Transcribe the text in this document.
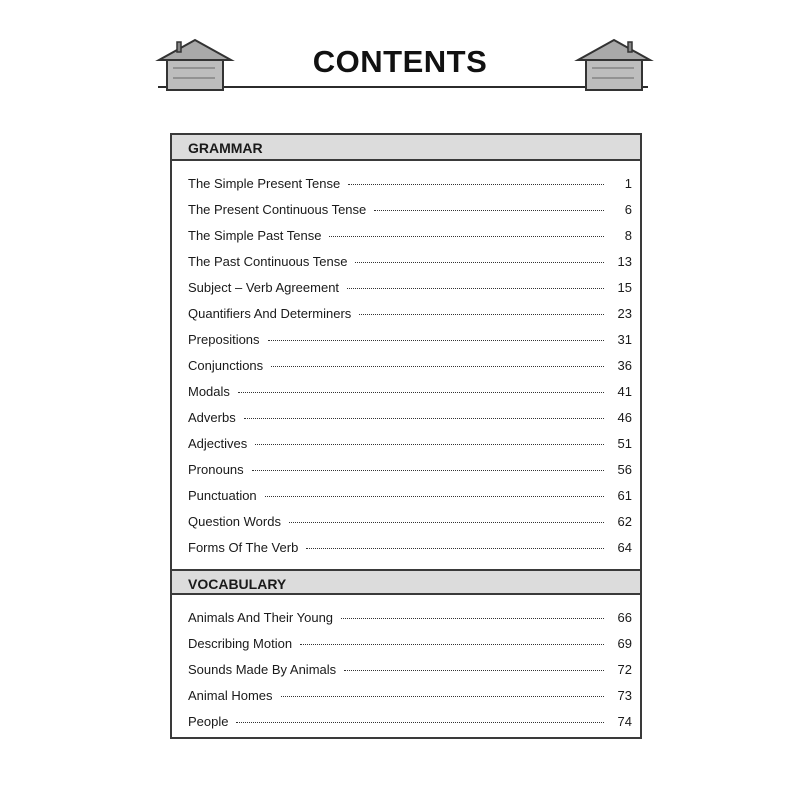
CONTENTS
GRAMMAR
The Simple Present Tense	1
The Present Continuous Tense	6
The Simple Past Tense	8
The Past Continuous Tense	13
Subject – Verb Agreement	15
Quantifiers And Determiners	23
Prepositions	31
Conjunctions	36
Modals	41
Adverbs	46
Adjectives	51
Pronouns	56
Punctuation	61
Question Words	62
Forms Of The Verb	64
VOCABULARY
Animals And Their Young	66
Describing Motion	69
Sounds Made By Animals	72
Animal Homes	73
People	74
